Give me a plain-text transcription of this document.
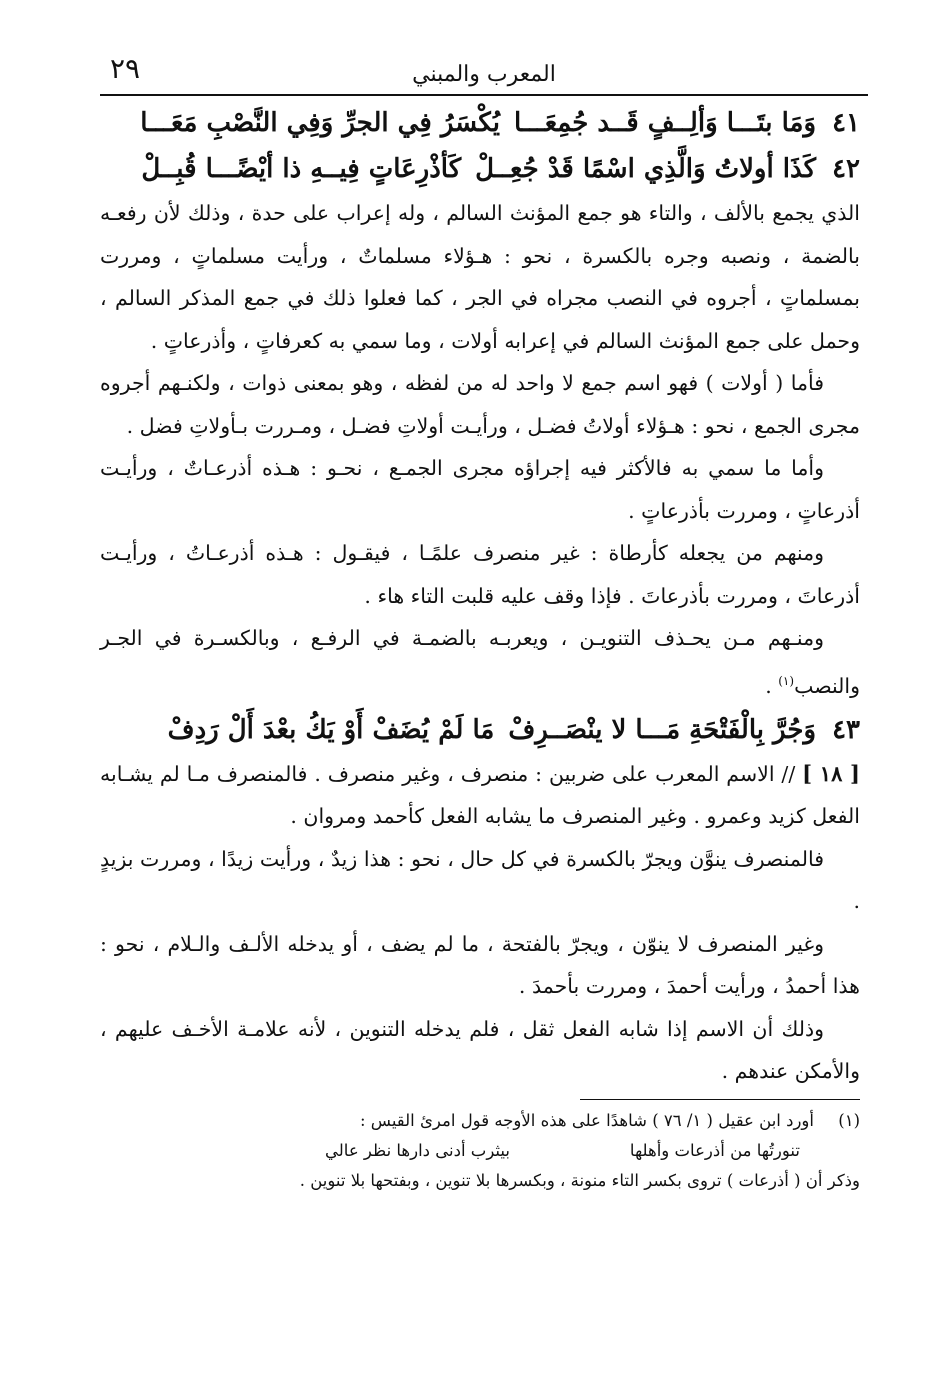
المعرب والمبني
٢٩
٤١
وَمَا بتَـــا وَألِــفٍ قَــد جُمِعَـــا
يُكْسَرُ فِي الجرِّ وَفِي النَّصْبِ مَعَـــا
٤٢
كَذَا أولاتُ وَالَّذِي اسْمًا قَدْ جُعِــلْ
كَأذْرِعَاتٍ فِيــهِ ذا أيْضًـــا قُبِــلْ

الذي يجمع بالألف ، والتاء هو جمع المؤنث السالم ، وله إعراب على حدة ، وذلك لأن رفعـه بالضمة ، ونصبه وجره بالكسرة ، نحو : هـؤلاء مسلماتٌ ، ورأيت مسلماتٍ ، ومررت بمسلماتٍ ، أجروه في النصب مجراه في الجر ، كما فعلوا ذلك في جمع المذكر السالم ، وحمل على جمع المؤنث السالم في إعرابه أولات ، وما سمي به كعرفاتٍ ، وأذرعاتٍ .

فأما ( أولات ) فهو اسم جمع لا واحد له من لفظه ، وهو بمعنى ذوات ، ولكنـهم أجروه مجرى الجمع ، نحو : هـؤلاء أولاتُ فضـل ، ورأيـت أولاتِ فضـل ، ومـررت بـأولاتِ فضل .

وأما ما سمي به فالأكثر فيه إجراؤه مجرى الجمـع ، نحـو : هـذه أذرعـاتٌ ، ورأيـت أذرعاتٍ ، ومررت بأذرعاتٍ .

ومنهم من يجعله كأرطاة : غير منصرف علمًـا ، فيقـول : هـذه أذرعـاتُ ، ورأيـت أذرعاتَ ، ومررت بأذرعاتَ . فإذا وقف عليه قلبت التاء هاء .

ومنـهم مـن يحـذف التنويـن ، ويعربـه بالضمـة في الرفـع ، وبالكسـرة في الجـر والنصب$^{(١)}$ .

٤٣
وَجُرَّ بِالْفَتْحَةِ مَـــا لا ينْصَــرِفْ
مَا لَمْ يُضَفْ أَوْ يَكُ بعْدَ أَلْ رَدِفْ

[ ١٨ ] // الاسم المعرب على ضربين : منصرف ، وغير منصرف . فالمنصرف مـا لم يشـابه الفعل كزيد وعمرو . وغير المنصرف ما يشابه الفعل كأحمد ومروان .

فالمنصرف ينوَّن ويجرّ بالكسرة في كل حال ، نحو : هذا زيدٌ ، ورأيت زيدًا ، ومررت بزيدٍ .

وغير المنصرف لا ينوّن ، ويجرّ بالفتحة ، ما لم يضف ، أو يدخله الألـف والـلام ، نحو : هذا أحمدُ ، ورأيت أحمدَ ، ومررت بأحمدَ .

وذلك أن الاسم إذا شابه الفعل ثقل ، فلم يدخله التنوين ، لأنه علامـة الأخـف عليهم ، والأمكن عندهم .

(١)أورد ابن عقيل ( ١/ ٧٦ ) شاهدًا على هذه الأوجه قول امرئ القيس :
تنورتُها من أذرعات وأهلها
بيثرب أدنى دارها نظر عالي
وذكر أن ( أذرعات ) تروى بكسر التاء منونة ، وبكسرها بلا تنوين ، وبفتحها بلا تنوين .
